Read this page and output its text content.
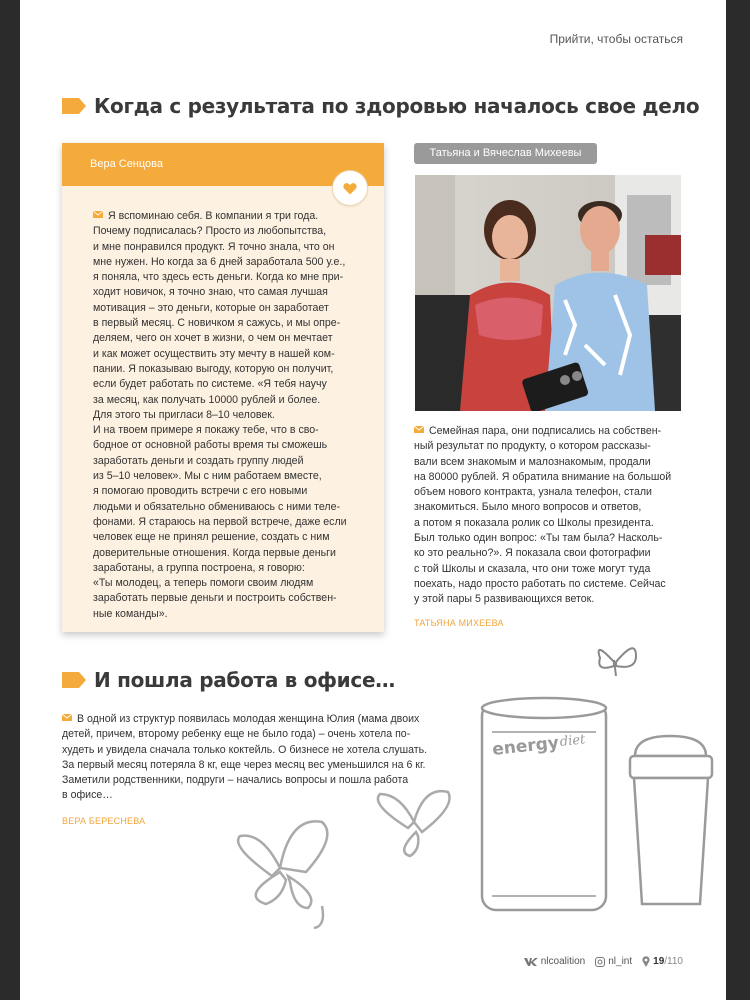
Прийти, чтобы остаться
Когда с результата по здоровью началось свое дело
Вера Сенцова
Я вспоминаю себя. В компании я три года.
Почему подписалась? Просто из любопытства,
и мне понравился продукт. Я точно знала, что он
мне нужен. Но когда за 6 дней заработала 500 у.е.,
я поняла, что здесь есть деньги. Когда ко мне при-
ходит новичок, я точно знаю, что самая лучшая
мотивация – это деньги, которые он заработает
в первый месяц. С новичком я сажусь, и мы опре-
деляем, чего он хочет в жизни, о чем он мечтает
и как может осуществить эту мечту в нашей ком-
пании. Я показываю выгоду, которую он получит,
если будет работать по системе. «Я тебя научу
за месяц, как получать 10000 рублей и более.
Для этого ты пригласи 8–10 человек.
И на твоем примере я покажу тебе, что в сво-
бодное от основной работы время ты сможешь
заработать деньги и создать группу людей
из 5–10 человек». Мы с ним работаем вместе,
я помогаю проводить встречи с его новыми
людьми и обязательно обмениваюсь с ними теле-
фонами. Я стараюсь на первой встрече, даже если
человек еще не принял решение, создать с ним
доверительные отношения. Когда первые деньги
заработаны, а группа построена, я говорю:
«Ты молодец, а теперь помоги своим людям
заработать первые деньги и построить собствен-
ные команды».
Татьяна и Вячеслав Михеевы
Семейная пара, они подписались на собствен-
ный результат по продукту, о котором рассказы-
вали всем знакомым и малознакомым, продали
на 80000 рублей. Я обратила внимание на большой
объем нового контракта, узнала телефон, стали
знакомиться. Было много вопросов и ответов,
а потом я показала ролик со Школы президента.
Был только один вопрос: «Ты там была? Насколь-
ко это реально?». Я показала свои фотографии
с той Школы и сказала, что они тоже могут туда
поехать, надо просто работать по системе. Сейчас
у этой пары 5 развивающихся веток.
ТАТЬЯНА МИХЕЕВА
energy diet
И пошла работа в офисе…
В одной из структур появилась молодая женщина Юлия (мама двоих
детей, причем, второму ребенку еще не было года) – очень хотела по-
худеть и увидела сначала только коктейль. О бизнесе не хотела слушать.
За первый месяц потеряла 8 кг, еще через месяц вес уменьшился на 6 кг.
Заметили родственники, подруги – начались вопросы и пошла работа
в офисе…
ВЕРА БЕРЕСНЕВА
nlcoalition nl_int 19 /110
